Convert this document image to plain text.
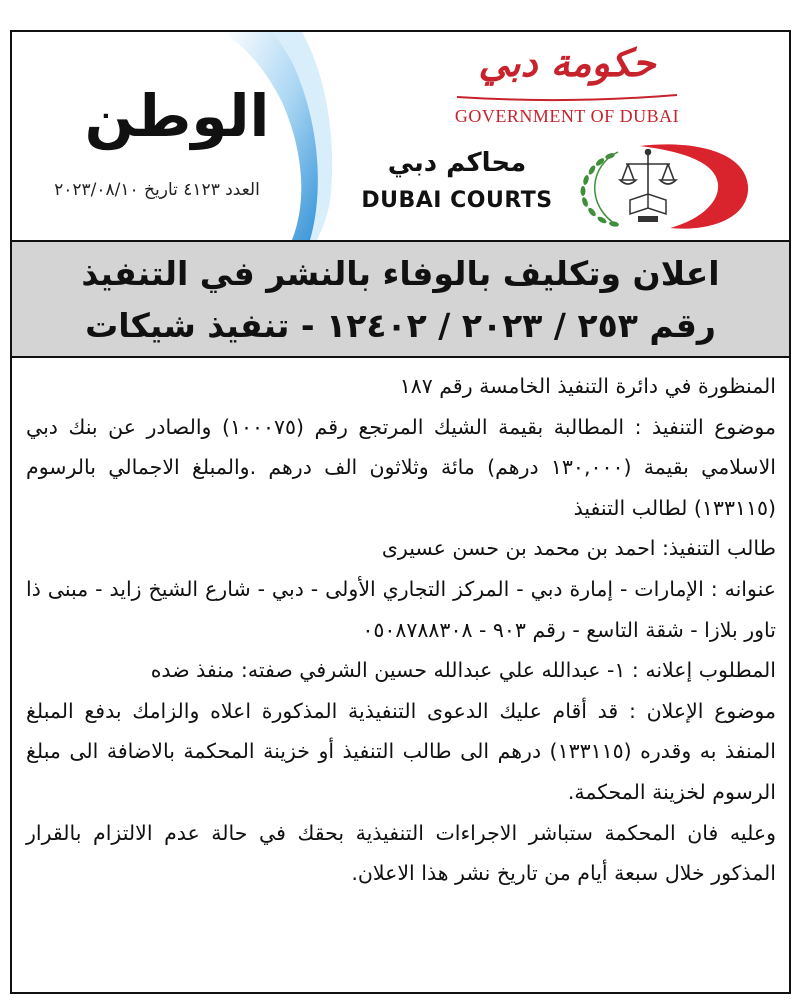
الوطن
العدد ٤١٢٣ تاريخ ٢٠٢٣/٠٨/١٠
حكومة دبي
GOVERNMENT OF DUBAI
محاكم دبي
DUBAI COURTS
اعلان وتكليف بالوفاء بالنشر في التنفيذ
رقم ٢٥٣ / ٢٠٢٣ / ١٢٤٠٢ - تنفيذ شيكات

المنظورة في دائرة التنفيذ الخامسة رقم ١٨٧

موضوع التنفيذ : المطالبة بقيمة الشيك المرتجع رقم (١٠٠٠٧٥) والصادر عن بنك دبي الاسلامي بقيمة (١٣٠,٠٠٠ درهم) مائة وثلاثون الف درهم .والمبلغ الاجمالي بالرسوم (١٣٣١١٥) لطالب التنفيذ

طالب التنفيذ: احمد بن محمد بن حسن عسيرى

عنوانه : الإمارات - إمارة دبي - المركز التجاري الأولى - دبي - شارع الشيخ زايد - مبنى ذا تاور بلازا - شقة التاسع - رقم ٩٠٣ - ٠٥٠٨٧٨٨٣٠٨

المطلوب إعلانه : ١- عبدالله علي عبدالله حسين الشرفي صفته: منفذ ضده

موضوع الإعلان : قد أقام عليك الدعوى التنفيذية المذكورة اعلاه والزامك بدفع المبلغ المنفذ به وقدره (١٣٣١١٥) درهم الى طالب التنفيذ أو خزينة المحكمة بالاضافة الى مبلغ الرسوم لخزينة المحكمة.

وعليه فان المحكمة ستباشر الاجراءات التنفيذية بحقك في حالة عدم الالتزام بالقرار المذكور خلال سبعة أيام من تاريخ نشر هذا الاعلان.
